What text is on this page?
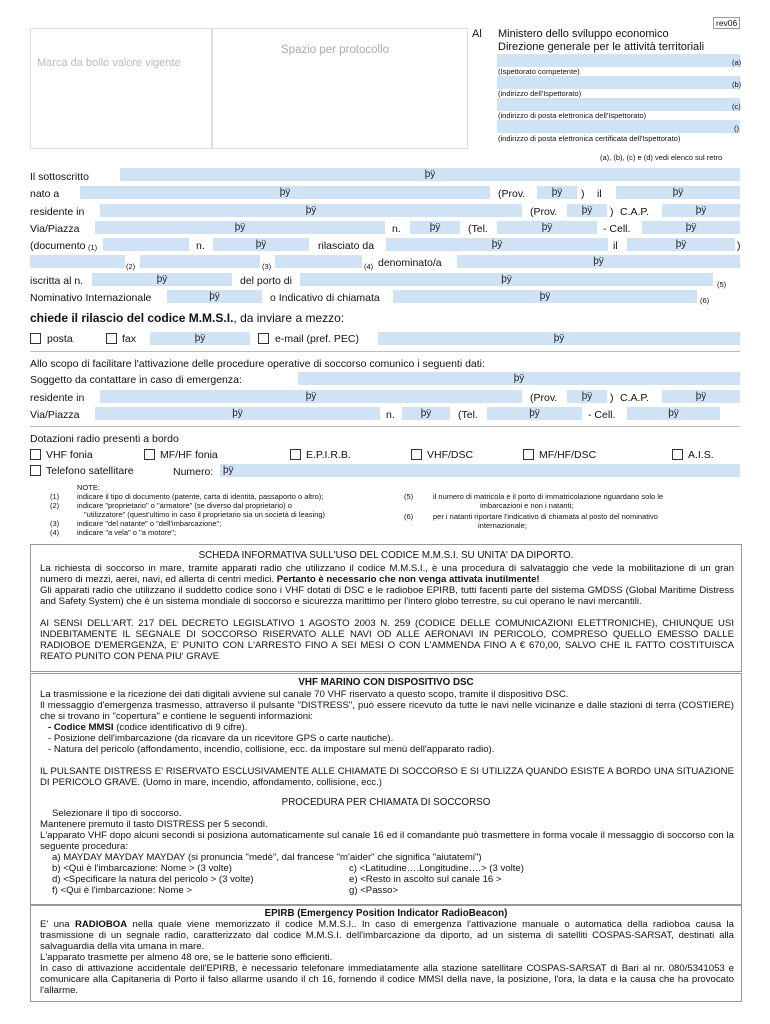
rev06
Marca da bollo valore vigente
Spazio per protocollo
Al Ministero dello sviluppo economico
Direzione generale per le attività territoriali
(Ispettorato competente)
(a)
(indirizzo dell'Ispettorato)
(b)
(indirizzo di posta elettronica dell'Ispettorato)
(c)
(indirizzo di posta elettronica certificata dell'Ispettorato)
()
(a), (b), (c) e (d) vedi elenco sul retro
Il sottoscritto	þÿ
nato a	þÿ	(Prov.	þÿ	) il	þÿ
residente in	þÿ	(Prov.	þÿ	) C.A.P.	þÿ
Via/Piazza	þÿ	n.	þÿ	(Tel.	þÿ	- Cell.	þÿ
(documento (1)	n.	þÿ	rilasciato da	þÿ	il	þÿ	)
(2)	(3)	(4) denominato/a	þÿ
iscritta al n.	þÿ	del porto di	þÿ	(5)
Nominativo Internazionale	þÿ	o Indicativo di chiamata	þÿ	(6)
chiede il rilascio del codice M.M.S.I., da inviare a mezzo:
posta	fax	þÿ	e-mail (pref. PEC)	þÿ
Allo scopo di facilitare l'attivazione delle procedure operative di soccorso comunico i seguenti dati:
Soggetto da contattare in caso di emergenza:	þÿ
residente in	þÿ	(Prov.	þÿ	) C.A.P.	þÿ
Via/Piazza	þÿ	n.	þÿ	(Tel.	þÿ	- Cell.	þÿ
Dotazioni radio presenti a bordo
VHF fonia	MF/HF fonia	E.P.I.R.B.	VHF/DSC	MF/HF/DSC	A.I.S.
Telefono satellitare	Numero: þÿ
NOTE:
(1) indicare il tipo di documento (patente, carta di identità, passaporto o altro);
(2) indicare "proprietario" o "armatore" (se diverso dal proprietario) o
"utilizzatore" (quest'ultimo in caso il proprietario sia un società di leasing)
(3) indicare "del natante" o "dell'imbarcazione";
(4) indicare "a vela" o "a motore";
(5)	il numero di matricola e il porto di immatricolazione riguardano solo le
imbarcazioni e non i natanti;
(6)	per i natanti riportare l'indicativo di chiamata al posto del nominativo
internazionale;
SCHEDA INFORMATIVA SULL'USO DEL CODICE M.M.S.I. SU UNITA' DA DIPORTO.
La richiesta di soccorso in mare, tramite apparati radio che utilizzano il codice M.M.S.I., è una procedura di salvataggio che vede la mobilitazione di un gran numero di mezzi, aerei, navi, ed allerta di centri medici. Pertanto è necessario che non venga attivata inutilmente!
Gli apparati radio che utilizzano il suddetto codice sono i VHF dotati di DSC e le radioboe EPIRB, tutti facenti parte del sistema GMDSS (Global Maritime Distress and Safety System) che è un sistema mondiale di soccorso e sicurezza marittimo per l'intero globo terrestre, su cui operano le navi mercantili.
AI SENSI DELL'ART. 217 DEL DECRETO LEGISLATIVO 1 AGOSTO 2003 N. 259 (CODICE DELLE COMUNICAZIONI ELETTRONICHE), CHIUNQUE USI INDEBITAMENTE IL SEGNALE DI SOCCORSO RISERVATO ALLE NAVI OD ALLE AERONAVI IN PERICOLO, COMPRESO QUELLO EMESSO DALLE RADIOBOE D'EMERGENZA, E' PUNITO CON L'ARRESTO FINO A SEI MESI O CON L'AMMENDA FINO A € 670,00, SALVO CHE IL FATTO COSTITUISCA REATO PUNITO CON PENA PIU' GRAVE
VHF MARINO CON DISPOSITIVO DSC
La trasmissione e la ricezione dei dati digitali avviene sul canale 70 VHF riservato a questo scopo, tramite il dispositivo DSC.
Il messaggio d'emergenza trasmesso, attraverso il pulsante "DISTRESS", può essere ricevuto da tutte le navi nelle vicinanze e dalle stazioni di terra (COSTIERE) che si trovano in "copertura" e contiene le seguenti informazioni:
- Codice MMSI (codice identificativo di 9 cifre).
- Posizione dell'imbarcazione (da ricavare da un ricevitore GPS o carte nautiche).
- Natura del pericolo (affondamento, incendio, collisione, ecc. da impostare sul menù dell'apparato radio).
IL PULSANTE DISTRESS E' RISERVATO ESCLUSIVAMENTE ALLE CHIAMATE DI SOCCORSO E SI UTILIZZA QUANDO ESISTE A BORDO UNA SITUAZIONE DI PERICOLO GRAVE. (Uomo in mare, incendio, affondamento, collisione, ecc.)
PROCEDURA PER CHIAMATA DI SOCCORSO
Selezionare il tipo di soccorso.
Mantenere premuto il tasto DISTRESS per 5 secondi.
L'apparato VHF dopo alcuni secondi si posiziona automaticamente sul canale 16 ed il comandante può trasmettere in forma vocale il messaggio di soccorso con la seguente procedura:
a) MAYDAY MAYDAY MAYDAY (si pronuncia "medè", dal francese "m'aider" che significa "aiutatemi")
b) <Qui è l'imbarcazione: Nome > (3 volte)	c) <Latitudine….Longitudine….> (3 volte)
d) <Specificare la natura del pericolo > (3 volte)	e) <Resto in ascolto sul canale 16 >
f) <Qui è l'imbarcazione: Nome >	g) <Passo>
EPIRB (Emergency Position Indicator RadioBeacon)
E' una RADIOBOA nella quale viene memorizzato il codice M.M.S.I.. In caso di emergenza l'attivazione manuale o automatica della radioboa causa la trasmissione di un segnale radio, caratterizzato dal codice M.M.S.I. dell'imbarcazione da diporto, ad un sistema di satelliti COSPAS-SARSAT, destinati alla salvaguardia della vita umana in mare.
L'apparato trasmette per almeno 48 ore, se le batterie sono efficienti.
In caso di attivazione accidentale dell'EPIRB, è necessario telefonare immediatamente alla stazione satellitare COSPAS-SARSAT di Bari al nr. 080/5341053 e comunicare alla Capitaneria di Porto il falso allarme usando il ch 16, fornendo il codice MMSI della nave, la posizione, l'ora, la data e la causa che ha provocato l'allarme.
